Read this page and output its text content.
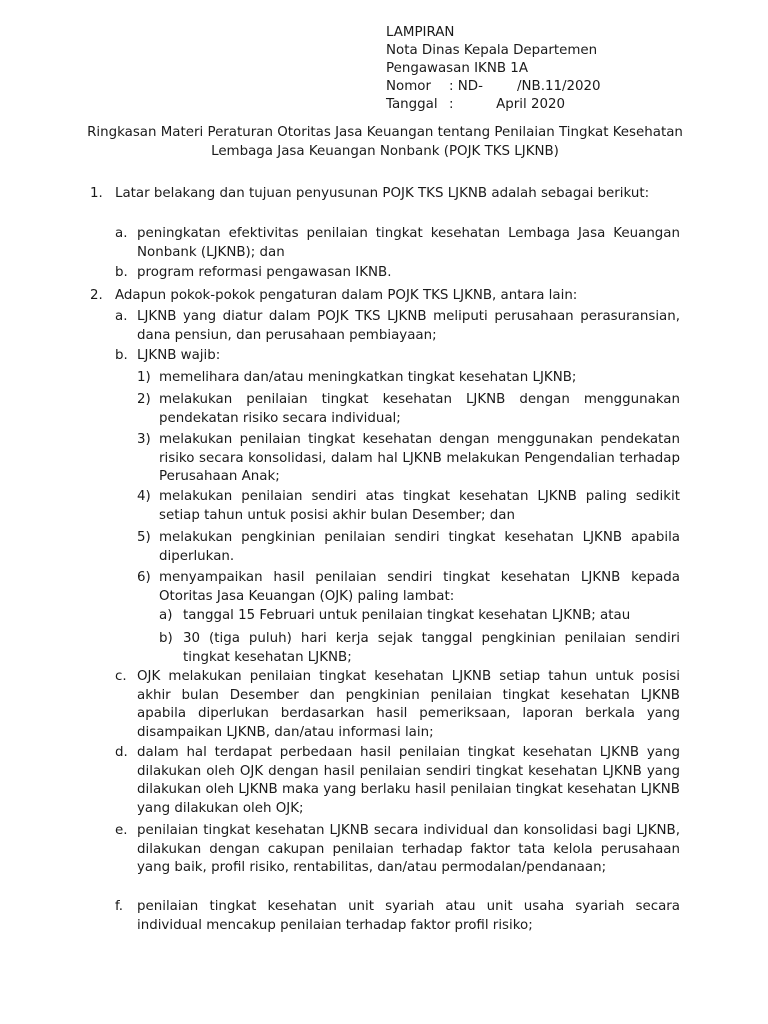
LAMPIRAN
Nota Dinas Kepala Departemen
Pengawasan IKNB 1A
Nomor	: ND-        /NB.11/2020
Tanggal :          April 2020
Ringkasan Materi Peraturan Otoritas Jasa Keuangan tentang Penilaian Tingkat Kesehatan Lembaga Jasa Keuangan Nonbank (POJK TKS LJKNB)
1. Latar belakang dan tujuan penyusunan POJK TKS LJKNB adalah sebagai berikut:
a. peningkatan efektivitas penilaian tingkat kesehatan Lembaga Jasa Keuangan Nonbank (LJKNB); dan
b. program reformasi pengawasan IKNB.
2. Adapun pokok-pokok pengaturan dalam POJK TKS LJKNB, antara lain:
a. LJKNB yang diatur dalam POJK TKS LJKNB meliputi perusahaan perasuransian, dana pensiun, dan perusahaan pembiayaan;
b. LJKNB wajib:
1) memelihara dan/atau meningkatkan tingkat kesehatan LJKNB;
2) melakukan penilaian tingkat kesehatan LJKNB dengan menggunakan pendekatan risiko secara individual;
3) melakukan penilaian tingkat kesehatan dengan menggunakan pendekatan risiko secara konsolidasi, dalam hal LJKNB melakukan Pengendalian terhadap Perusahaan Anak;
4) melakukan penilaian sendiri atas tingkat kesehatan LJKNB paling sedikit setiap tahun untuk posisi akhir bulan Desember; dan
5) melakukan pengkinian penilaian sendiri tingkat kesehatan LJKNB apabila diperlukan.
6) menyampaikan hasil penilaian sendiri tingkat kesehatan LJKNB kepada Otoritas Jasa Keuangan (OJK) paling lambat:
a) tanggal 15 Februari untuk penilaian tingkat kesehatan LJKNB; atau
b) 30 (tiga puluh) hari kerja sejak tanggal pengkinian penilaian sendiri tingkat kesehatan LJKNB;
c. OJK melakukan penilaian tingkat kesehatan LJKNB setiap tahun untuk posisi akhir bulan Desember dan pengkinian penilaian tingkat kesehatan LJKNB apabila diperlukan berdasarkan hasil pemeriksaan, laporan berkala yang disampaikan LJKNB, dan/atau informasi lain;
d. dalam hal terdapat perbedaan hasil penilaian tingkat kesehatan LJKNB yang dilakukan oleh OJK dengan hasil penilaian sendiri tingkat kesehatan LJKNB yang dilakukan oleh LJKNB maka yang berlaku hasil penilaian tingkat kesehatan LJKNB yang dilakukan oleh OJK;
e. penilaian tingkat kesehatan LJKNB secara individual dan konsolidasi bagi LJKNB, dilakukan dengan cakupan penilaian terhadap faktor tata kelola perusahaan yang baik, profil risiko, rentabilitas, dan/atau permodalan/pendanaan;
f. penilaian tingkat kesehatan unit syariah atau unit usaha syariah secara individual mencakup penilaian terhadap faktor profil risiko;
